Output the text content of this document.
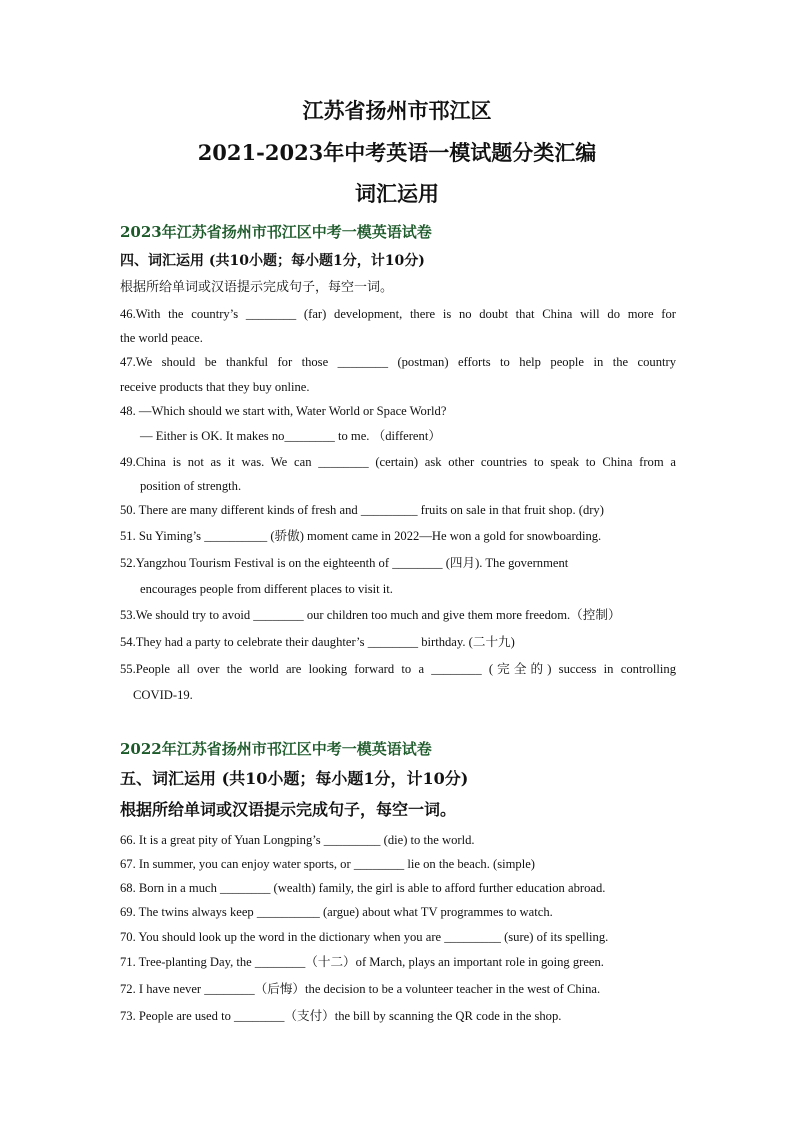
江苏省扬州市邗江区
2021-2023年中考英语一模试题分类汇编
词汇运用
2023年江苏省扬州市邗江区中考一模英语试卷
四、词汇运用 (共10小题；每小题1分，计10分)
根据所给单词或汉语提示完成句子，每空一词。
46.With the country’s ________ (far) development, there is no doubt that China will do more for
the world peace.
47.We should be thankful for those ________ (postman) efforts to help people in the country
receive products that they buy online.
48. —Which should we start with, Water World or Space World?
— Either is OK. It makes no________ to me. （different）
49.China is not as it was. We can ________ (certain) ask other countries to speak to China from a
position of strength.
50. There are many different kinds of fresh and _________ fruits on sale in that fruit shop. (dry)
51. Su Yiming’s __________ (骄傲) moment came in 2022—He won a gold for snowboarding.
52.Yangzhou Tourism Festival is on the eighteenth of ________ (四月). The government
encourages people from different places to visit it.
53.We should try to avoid ________ our children too much and give them more freedom.（控制）
54.They had a party to celebrate their daughter’s ________ birthday. (二十九)
55.People all over the world are looking forward to a ________ (完全的) success in controlling
COVID-19.
2022年江苏省扬州市邗江区中考一模英语试卷
五、词汇运用 (共10小题；每小题1分，计10分)
根据所给单词或汉语提示完成句子，每空一词。
66. It is a great pity of Yuan Longping’s _________ (die) to the world.
67. In summer, you can enjoy water sports, or ________ lie on the beach. (simple)
68. Born in a much ________ (wealth) family, the girl is able to afford further education abroad.
69. The twins always keep __________ (argue) about what TV programmes to watch.
70. You should look up the word in the dictionary when you are _________ (sure) of its spelling.
71. Tree-planting Day, the ________（十二）of March, plays an important role in going green.
72. I have never ________（后悔）the decision to be a volunteer teacher in the west of China.
73. People are used to ________（支付）the bill by scanning the QR code in the shop.
